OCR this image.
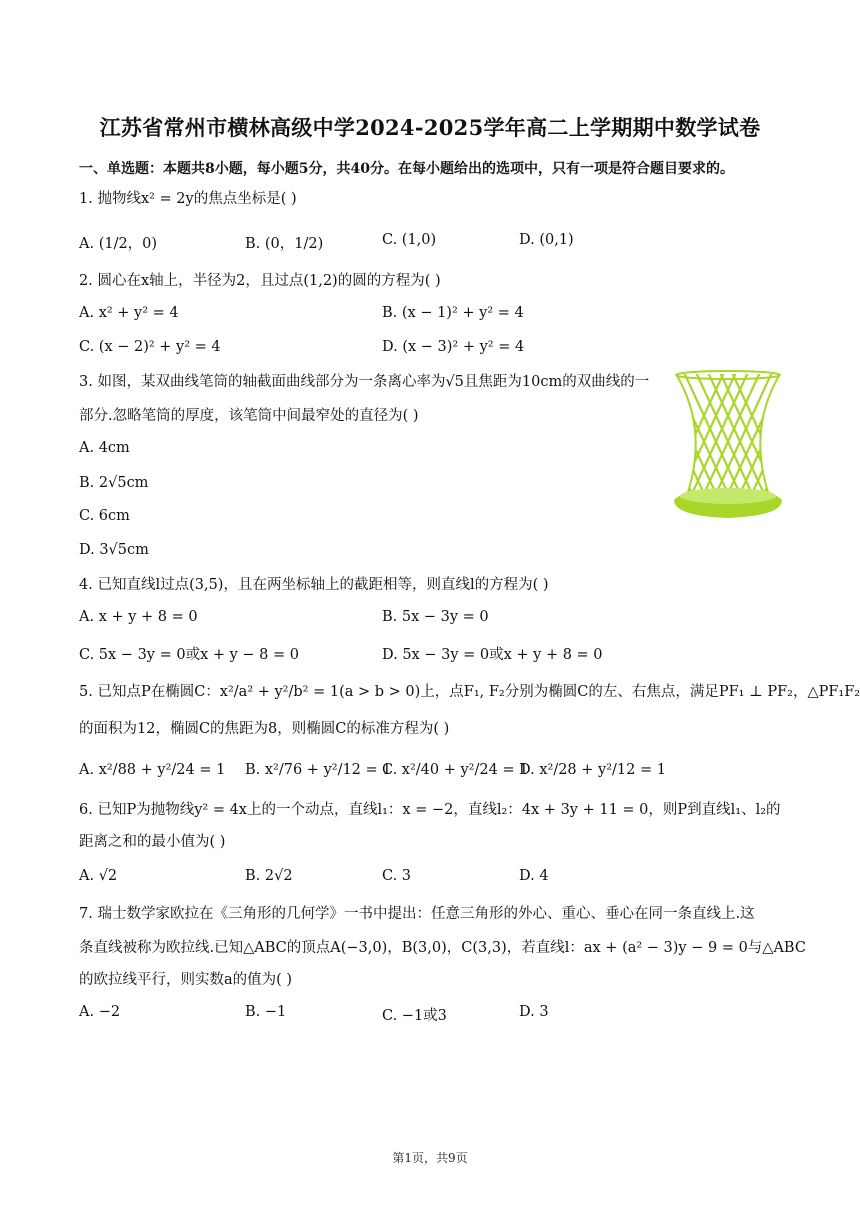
江苏省常州市横林高级中学2024-2025学年高二上学期期中数学试卷
一、单选题：本题共8小题，每小题5分，共40分。在每小题给出的选项中，只有一项是符合题目要求的。
1. 抛物线x² = 2y的焦点坐标是( )
A. (1/2，0)	B. (0，1/2)	C. (1,0)	D. (0,1)
2. 圆心在x轴上，半径为2，且过点(1,2)的圆的方程为( )
A. x² + y² = 4	B. (x − 1)² + y² = 4
C. (x − 2)² + y² = 4	D. (x − 3)² + y² = 4
3. 如图，某双曲线笔筒的轴截面曲线部分为一条离心率为√5且焦距为10cm的双曲线的一
部分.忽略笔筒的厚度，该笔筒中间最窄处的直径为( )
A. 4cm
B. 2√5cm
C. 6cm
D. 3√5cm
4. 已知直线l过点(3,5)，且在两坐标轴上的截距相等，则直线l的方程为( )
A. x + y + 8 = 0	B. 5x − 3y = 0
C. 5x − 3y = 0或x + y − 8 = 0	D. 5x − 3y = 0或x + y + 8 = 0
5. 已知点P在椭圆C：x²/a² + y²/b² = 1(a > b > 0)上，点F₁, F₂分别为椭圆C的左、右焦点，满足PF₁ ⊥ PF₂，△PF₁F₂
的面积为12，椭圆C的焦距为8，则椭圆C的标准方程为( )
A. x²/88 + y²/24 = 1 B. x²/76 + y²/12 = 1
C. x²/40 + y²/24 = 1
D. x²/28 + y²/12 = 1
6. 已知P为抛物线y² = 4x上的一个动点，直线l₁：x = −2，直线l₂：4x + 3y + 11 = 0，则P到直线l₁、l₂的
距离之和的最小值为( )
A. √2	B. 2√2	C. 3	D. 4
7. 瑞士数学家欧拉在《三角形的几何学》一书中提出：任意三角形的外心、重心、垂心在同一条直线上.这
条直线被称为欧拉线.已知△ABC的顶点A(−3,0)，B(3,0)，C(3,3)，若直线l：ax + (a² − 3)y − 9 = 0与△ABC
的欧拉线平行，则实数a的值为( )
A. −2	B. −1	C. −1或3	D. 3
第1页，共9页
